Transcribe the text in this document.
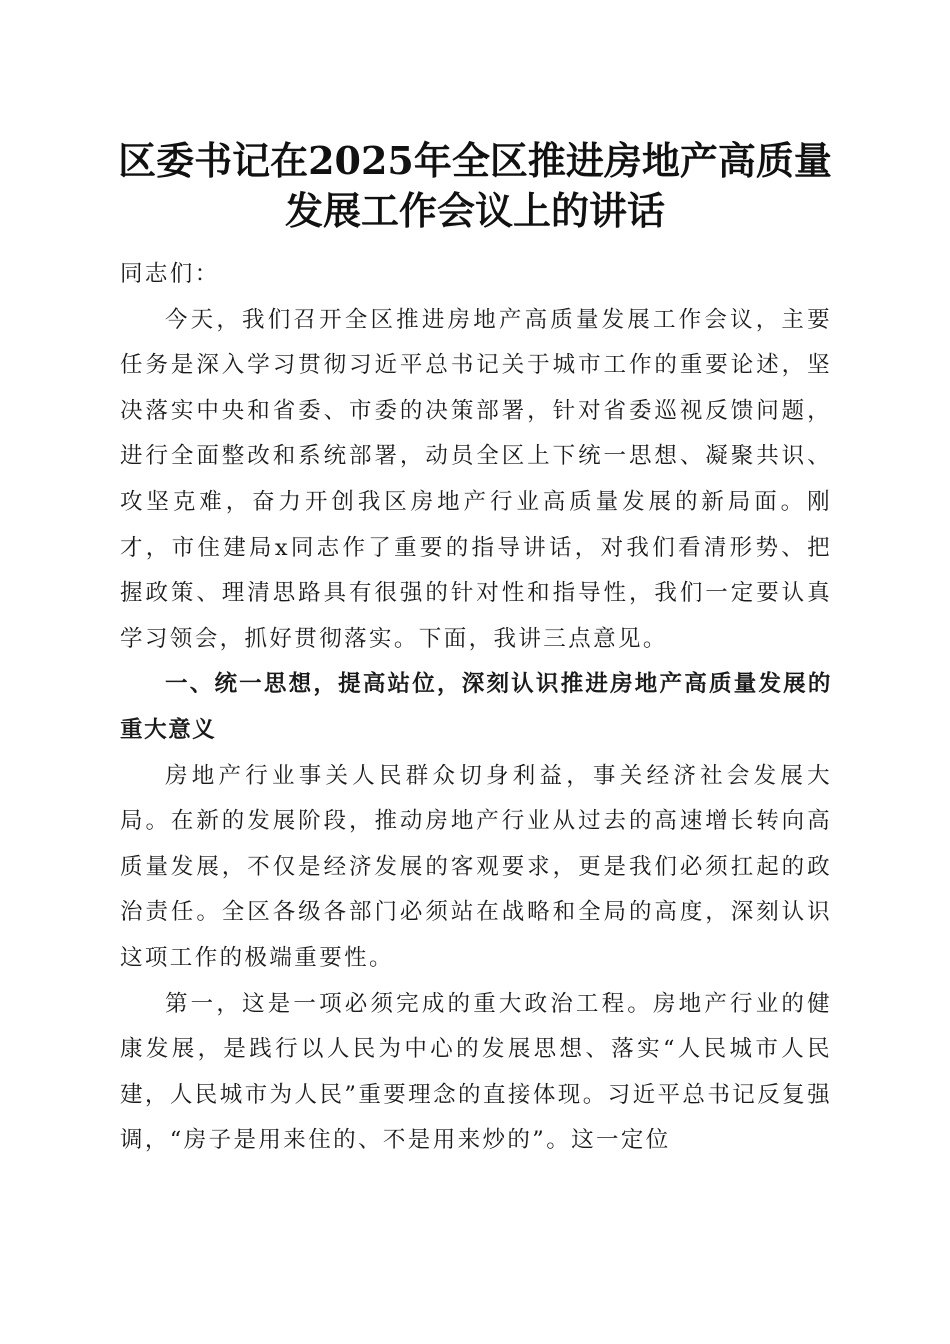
区委书记在2025年全区推进房地产高质量发展工作会议上的讲话

同志们：

今天，我们召开全区推进房地产高质量发展工作会议，主要任务是深入学习贯彻习近平总书记关于城市工作的重要论述，坚决落实中央和省委、市委的决策部署，针对省委巡视反馈问题，进行全面整改和系统部署，动员全区上下统一思想、凝聚共识、攻坚克难，奋力开创我区房地产行业高质量发展的新局面。刚才，市住建局x同志作了重要的指导讲话，对我们看清形势、把握政策、理清思路具有很强的针对性和指导性，我们一定要认真学习领会，抓好贯彻落实。下面，我讲三点意见。

一、统一思想，提高站位，深刻认识推进房地产高质量发展的重大意义

房地产行业事关人民群众切身利益，事关经济社会发展大局。在新的发展阶段，推动房地产行业从过去的高速增长转向高质量发展，不仅是经济发展的客观要求，更是我们必须扛起的政治责任。全区各级各部门必须站在战略和全局的高度，深刻认识这项工作的极端重要性。

第一，这是一项必须完成的重大政治工程。房地产行业的健康发展，是践行以人民为中心的发展思想、落实“人民城市人民建，人民城市为人民”重要理念的直接体现。习近平总书记反复强调，“房子是用来住的、不是用来炒的”。这一定位
